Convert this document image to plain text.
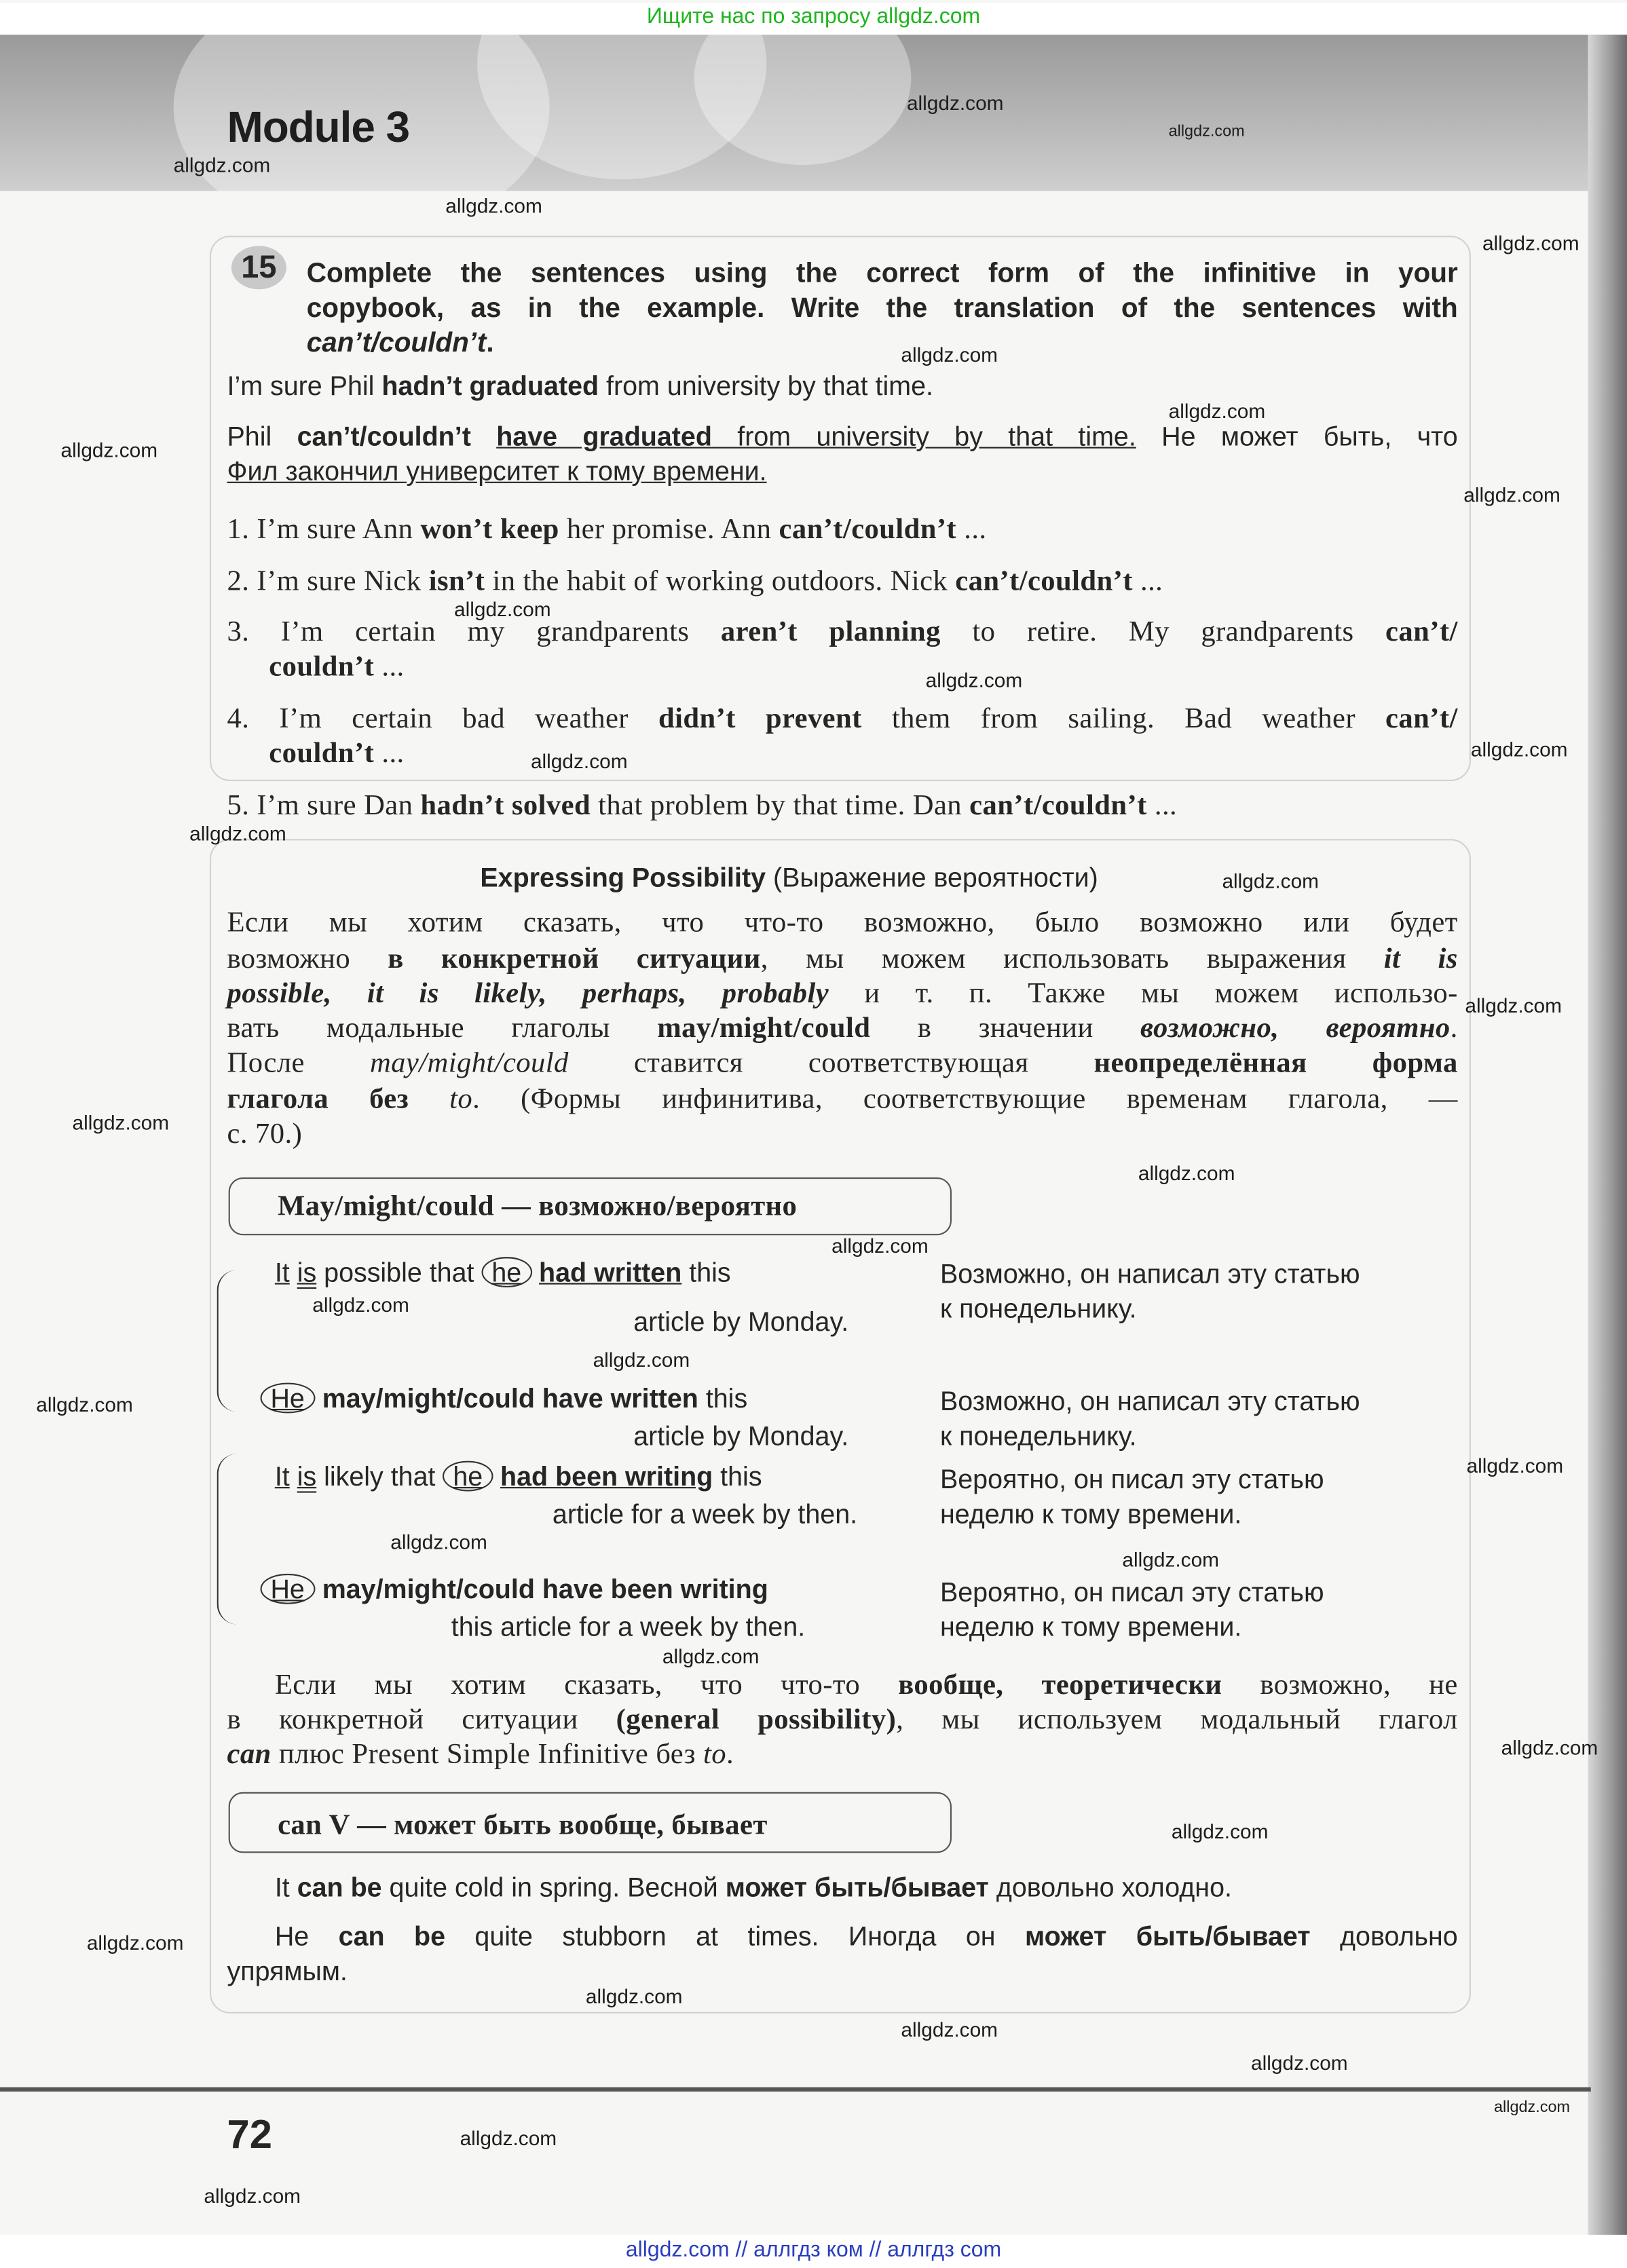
Ищите нас по запросу allgdz.com
Module 3
15	Complete the sentences using the correct form of the infinitive in your
copybook, as in the example. Write the translation of the sentences with
can’t/couldn’t.
I’m sure Phil hadn’t graduated from university by that time.
Phil can’t/couldn’t have graduated from university by that time. Не может быть, что
Фил закончил университет к тому времени.
1. I’m sure Ann won’t keep her promise. Ann can’t/couldn’t ...
2. I’m sure Nick isn’t in the habit of working outdoors. Nick can’t/couldn’t ...
3. I’m certain my grandparents aren’t planning to retire. My grandparents can’t/
couldn’t ...
4. I’m certain bad weather didn’t prevent them from sailing. Bad weather can’t/
couldn’t ...
5. I’m sure Dan hadn’t solved that problem by that time. Dan can’t/couldn’t ...
Expressing Possibility (Выражение вероятности)
Если мы хотим сказать, что что-то возможно, было возможно или будет
возможно в конкретной ситуации, мы можем использовать выражения it is
possible, it is likely, perhaps, probably и т. п. Также мы можем использо-
вать модальные глаголы may/might/could в значении возможно, вероятно.
После may/might/could ставится соответствующая неопределённая форма
глагола без to. (Формы инфинитива, соответствующие временам глагола, —
с. 70.)
May/might/could — возможно/вероятно
It is possible that he had written this
article by Monday.
Возможно, он написал эту статью
к понедельнику.
He may/might/could have written this
article by Monday.
Возможно, он написал эту статью
к понедельнику.
It is likely that he had been writing this
article for a week by then.
Вероятно, он писал эту статью
неделю к тому времени.
He may/might/could have been writing
this article for a week by then.
Вероятно, он писал эту статью
неделю к тому времени.
Если мы хотим сказать, что что-то вообще, теоретически возможно, не
в конкретной ситуации (general possibility), мы используем модальный глагол
can плюс Present Simple Infinitive без to.
can V — может быть вообще, бывает
It can be quite cold in spring. Весной может быть/бывает довольно холодно.
He can be quite stubborn at times. Иногда он может быть/бывает довольно
упрямым.
72
allgdz.com
allgdz.com
allgdz.com
allgdz.com
allgdz.com
allgdz.com
allgdz.com
allgdz.com
allgdz.com
allgdz.com
allgdz.com
allgdz.com
allgdz.com
allgdz.com
allgdz.com
allgdz.com
allgdz.com
allgdz.com
allgdz.com
allgdz.com
allgdz.com
allgdz.com
allgdz.com
allgdz.com
allgdz.com
allgdz.com
allgdz.com
allgdz.com
allgdz.com
allgdz.com
allgdz.com
allgdz.com
allgdz.com
allgdz.com
allgdz.com
allgdz.com // аллгдз ком // аллгдз com
